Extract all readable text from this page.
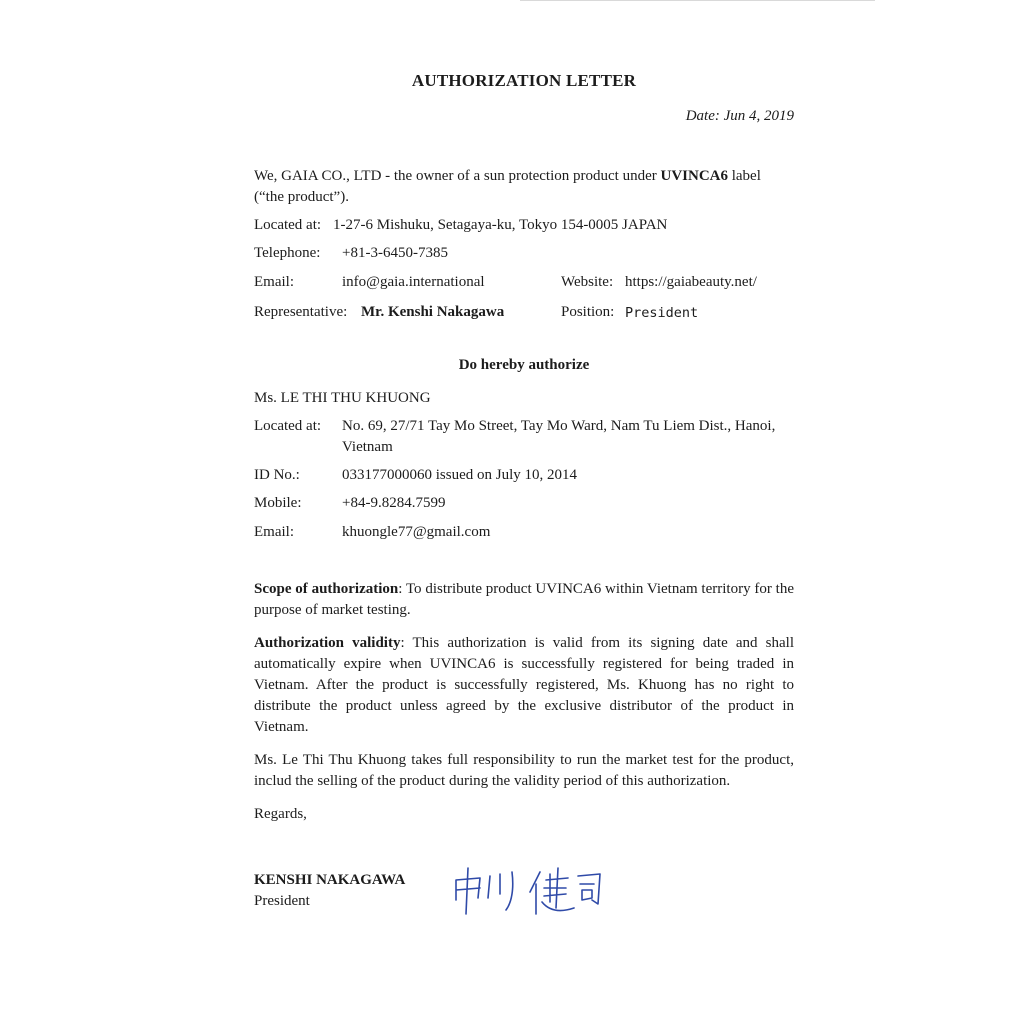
AUTHORIZATION LETTER
Date: Jun 4, 2019
We, GAIA CO., LTD - the owner of a sun protection product under UVINCA6 label
(“the product”).
Located at: 1-27-6 Mishuku, Setagaya-ku, Tokyo 154-0005 JAPAN
Telephone: +81-3-6450-7385
Email:	info@gaia.international	Website: https://gaiabeauty.net/
Representative: Mr. Kenshi Nakagawa	Position: President
Do hereby authorize
Ms. LE THI THU KHUONG
Located at: No. 69, 27/71 Tay Mo Street, Tay Mo Ward, Nam Tu Liem Dist., Hanoi,
Vietnam
ID No.:	033177000060 issued on July 10, 2014
Mobile:	+84-9.8284.7599
Email:	khuongle77@gmail.com
Scope of authorization: To distribute product UVINCA6 within Vietnam territory for the purpose of market testing.
Authorization validity: This authorization is valid from its signing date and shall automatically expire when UVINCA6 is successfully registered for being traded in Vietnam. After the product is successfully registered, Ms. Khuong has no right to distribute the product unless agreed by the exclusive distributor of the product in Vietnam.
Ms. Le Thi Thu Khuong takes full responsibility to run the market test for the product, includ the selling of the product during the validity period of this authorization.
Regards,
KENSHI NAKAGAWA
President
